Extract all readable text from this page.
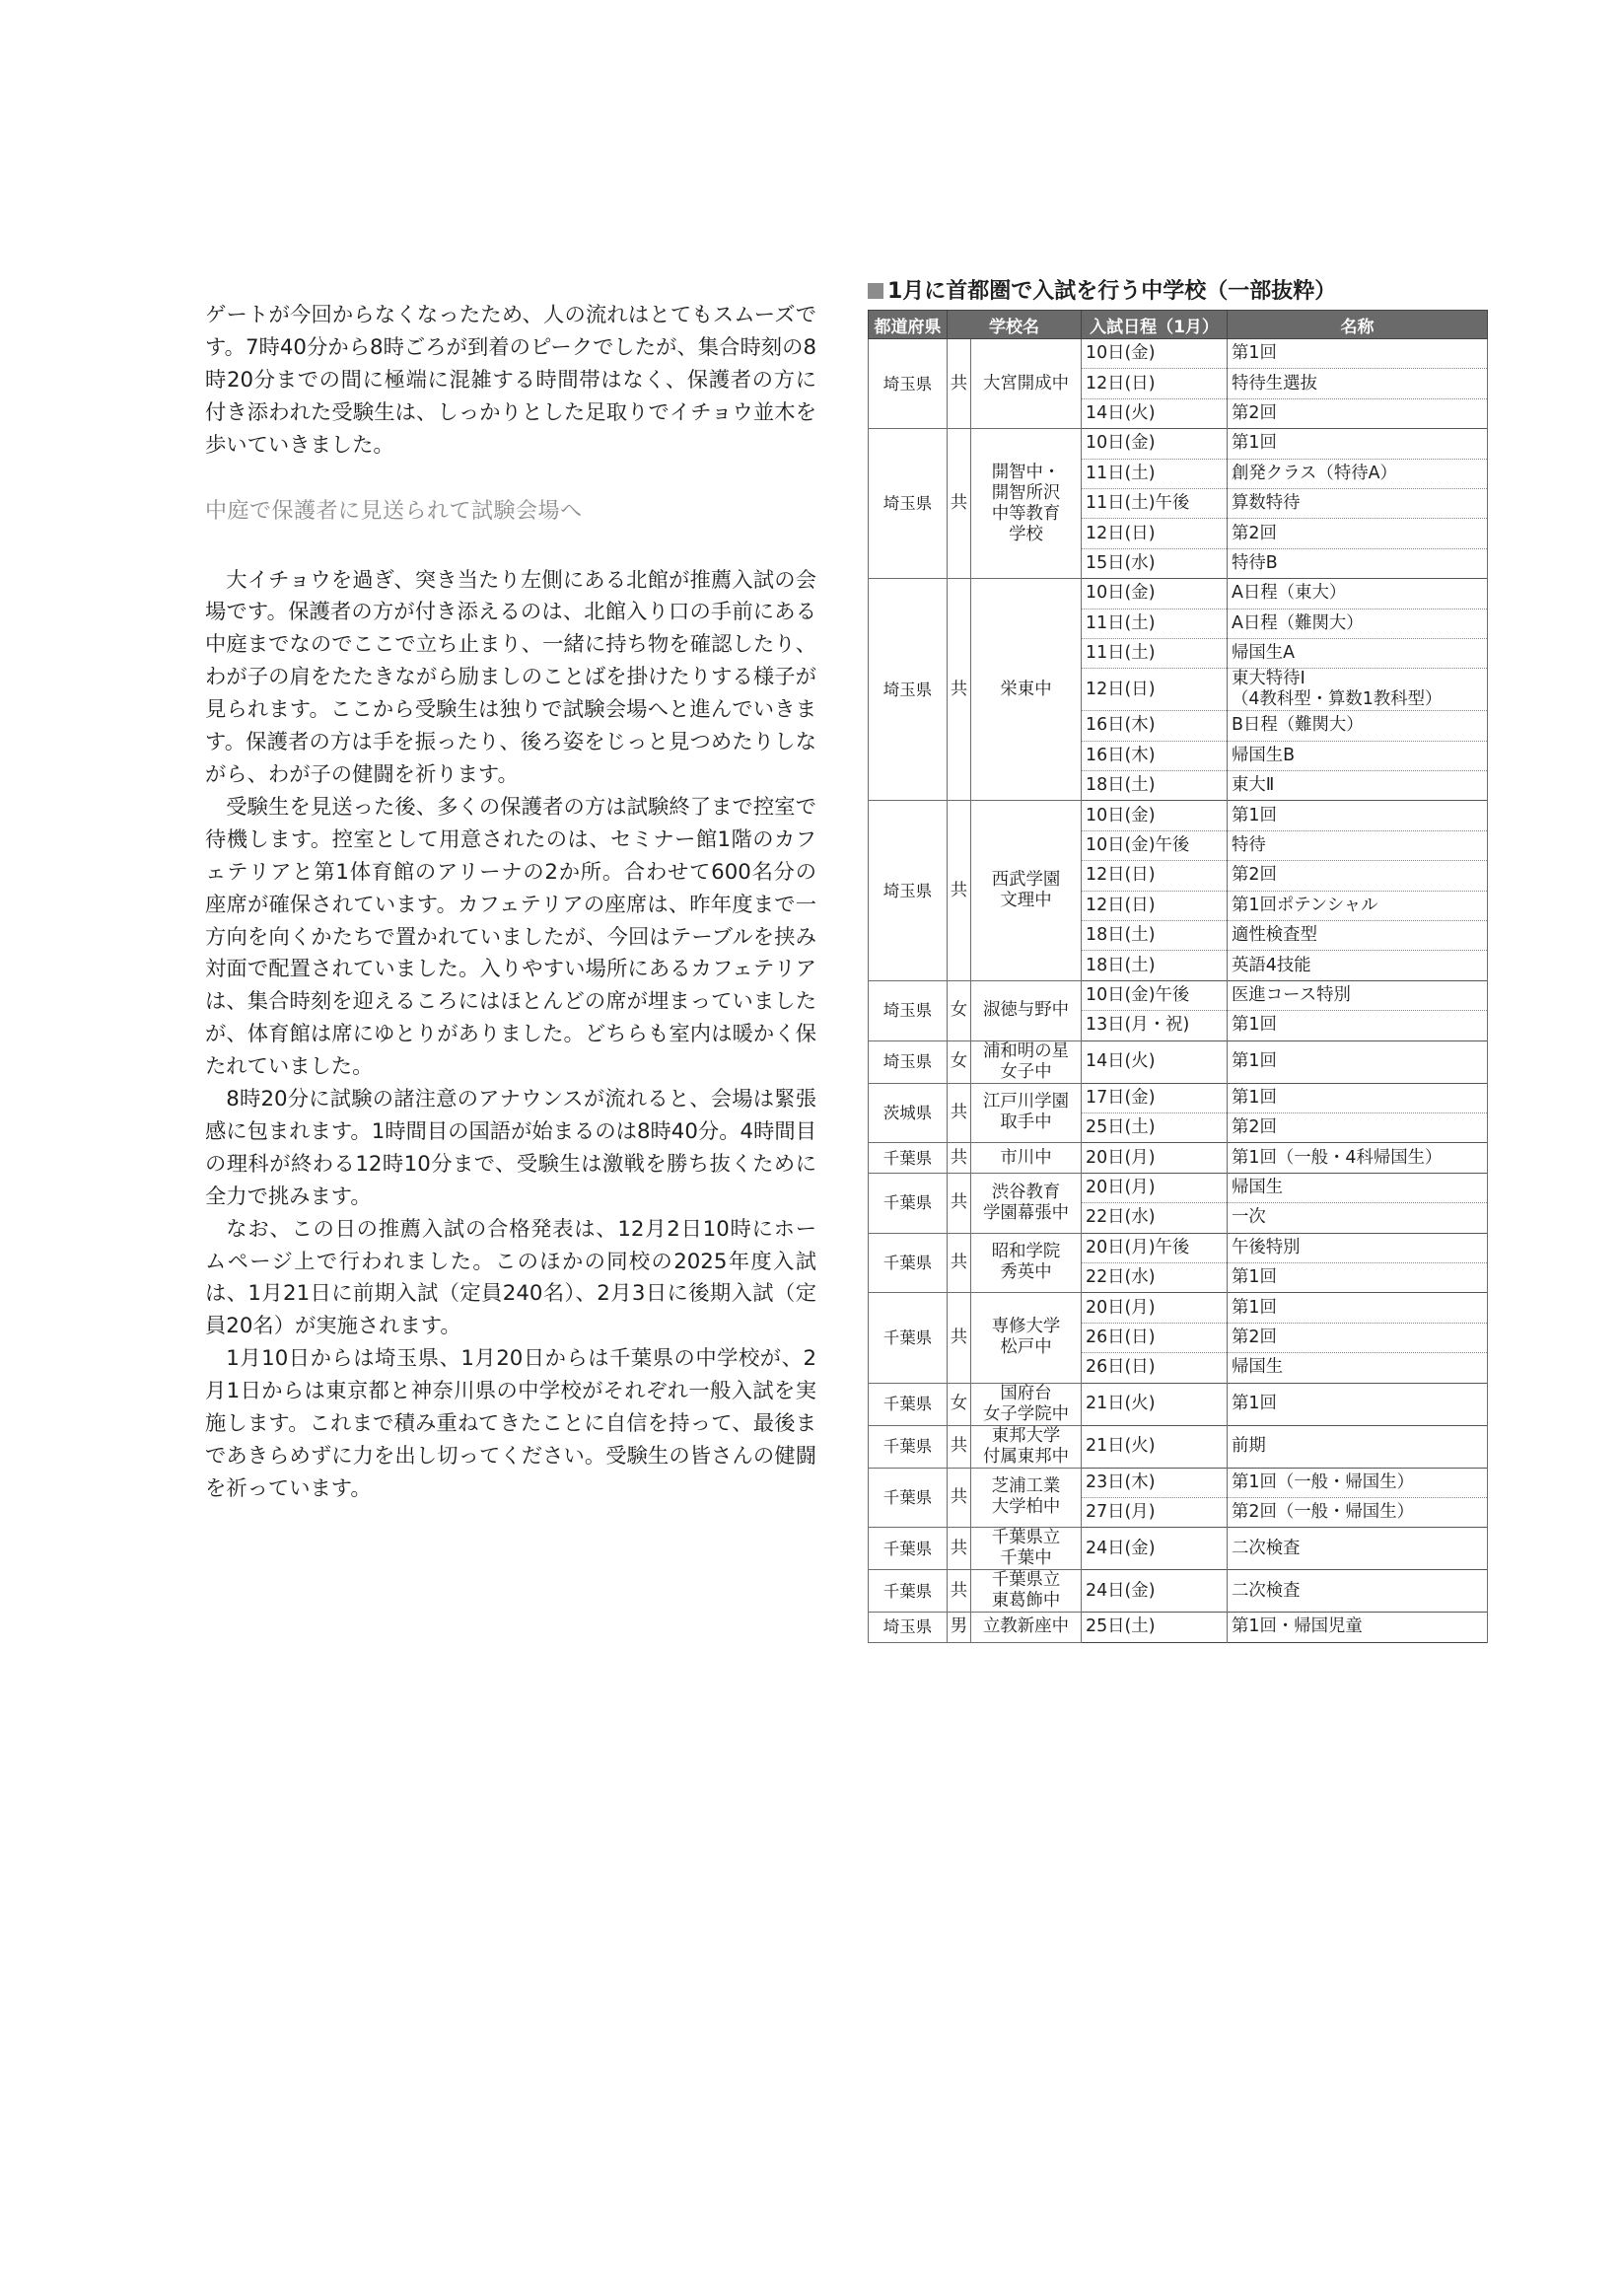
ゲートが今回からなくなったため、人の流れはとてもスムーズです。7時40分から8時ごろが到着のピークでしたが、集合時刻の8時20分までの間に極端に混雑する時間帯はなく、保護者の方に付き添われた受験生は、しっかりとした足取りでイチョウ並木を歩いていきました。

中庭で保護者に見送られて試験会場へ

大イチョウを過ぎ、突き当たり左側にある北館が推薦入試の会場です。保護者の方が付き添えるのは、北館入り口の手前にある中庭までなのでここで立ち止まり、一緒に持ち物を確認したり、わが子の肩をたたきながら励ましのことばを掛けたりする様子が見られます。ここから受験生は独りで試験会場へと進んでいきます。保護者の方は手を振ったり、後ろ姿をじっと見つめたりしながら、わが子の健闘を祈ります。

受験生を見送った後、多くの保護者の方は試験終了まで控室で待機します。控室として用意されたのは、セミナー館1階のカフェテリアと第1体育館のアリーナの2か所。合わせて600名分の座席が確保されています。カフェテリアの座席は、昨年度まで一方向を向くかたちで置かれていましたが、今回はテーブルを挟み対面で配置されていました。入りやすい場所にあるカフェテリアは、集合時刻を迎えるころにはほとんどの席が埋まっていましたが、体育館は席にゆとりがありました。どちらも室内は暖かく保たれていました。

8時20分に試験の諸注意のアナウンスが流れると、会場は緊張感に包まれます。1時間目の国語が始まるのは8時40分。4時間目の理科が終わる12時10分まで、受験生は激戦を勝ち抜くために全力で挑みます。

なお、この日の推薦入試の合格発表は、12月2日10時にホームページ上で行われました。このほかの同校の2025年度入試は、1月21日に前期入試（定員240名）、2月3日に後期入試（定員20名）が実施されます。

1月10日からは埼玉県、1月20日からは千葉県の中学校が、2月1日からは東京都と神奈川県の中学校がそれぞれ一般入試を実施します。これまで積み重ねてきたことに自信を持って、最後まであきらめずに力を出し切ってください。受験生の皆さんの健闘を祈っています。

1月に首都圏で入試を行う中学校（一部抜粋）
都道府県	学校名		入試日程（1月）	名称
埼玉県	共	大宮開成中	10日(金)	第1回
			12日(日)	特待生選抜
			14日(火)	第2回
埼玉県	共	開智中・
開智所沢
中等教育
学校	10日(金)	第1回
			11日(土)	創発クラス（特待A）
			11日(土)午後	算数特待
			12日(日)	第2回
			15日(水)	特待B
埼玉県	共	栄東中	10日(金)	A日程（東大）
			11日(土)	A日程（難関大）
			11日(土)	帰国生A
			12日(日)	東大特待Ⅰ
（4教科型・算数1教科型）
			16日(木)	B日程（難関大）
			16日(木)	帰国生B
			18日(土)	東大Ⅱ
埼玉県	共	西武学園
文理中	10日(金)	第1回
			10日(金)午後	特待
			12日(日)	第2回
			12日(日)	第1回ポテンシャル
			18日(土)	適性検査型
			18日(土)	英語4技能
埼玉県	女	淑徳与野中	10日(金)午後	医進コース特別
			13日(月・祝)	第1回
埼玉県	女	浦和明の星
女子中	14日(火)	第1回
茨城県	共	江戸川学園
取手中	17日(金)	第1回
			25日(土)	第2回
千葉県	共	市川中	20日(月)	第1回（一般・4科帰国生）
千葉県	共	渋谷教育
学園幕張中	20日(月)	帰国生
			22日(水)	一次
千葉県	共	昭和学院
秀英中	20日(月)午後	午後特別
			22日(水)	第1回
千葉県	共	専修大学
松戸中	20日(月)	第1回
			26日(日)	第2回
			26日(日)	帰国生
千葉県	女	国府台
女子学院中	21日(火)	第1回
千葉県	共	東邦大学
付属東邦中	21日(火)	前期
千葉県	共	芝浦工業
大学柏中	23日(木)	第1回（一般・帰国生）
			27日(月)	第2回（一般・帰国生）
千葉県	共	千葉県立
千葉中	24日(金)	二次検査
千葉県	共	千葉県立
東葛飾中	24日(金)	二次検査
埼玉県	男	立教新座中	25日(土)	第1回・帰国児童
